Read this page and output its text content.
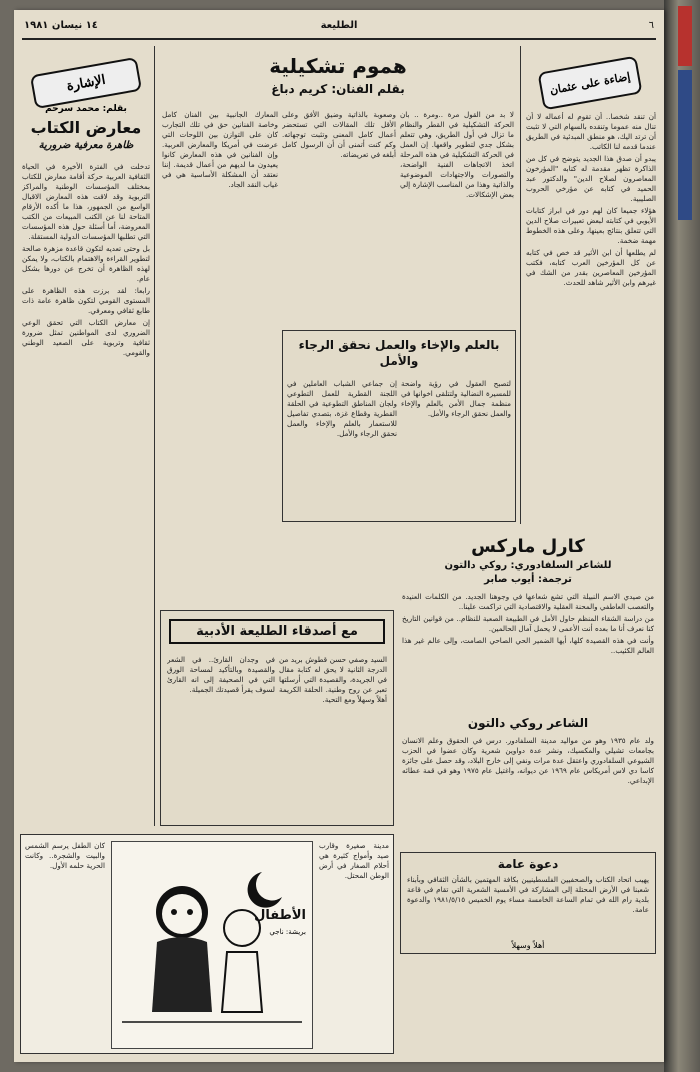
١٤ نيسان ١٩٨١	الطليعة	٦
الإشارة
بقلم: محمد سرحم
معارض الكتاب
ظاهرة معرفية ضرورية

تدخلت في الفترة الأخيرة في الحياة الثقافية العربية حركة أقامة معارض للكتاب بمختلف المؤسسات الوطنية والمراكز التربوية وقد لاقت هذه المعارض الاقبال الواسع من الجمهور، هذا ما أكده الأرقام المتاحة لنا عن الكتب المبيعات من الكتب المعروضة، أما أسئلة حول هذه المؤسسات التي تطلبها المؤسسات الدولية المستقلة.

بل وحتى تعديه لتكون قاعدة مزهرة صالحة لتطوير القراءة والاهتمام بالكتاب، ولا يمكن لهذه الظاهرة أن تخرج عن دورها بشكل عام.

رابعا: لقد برزت هذه الظاهرة على المستوى القومي لتكون ظاهرة عامة ذات طابع ثقافي ومعرفي.

إن معارض الكتاب التي تحقق الوعي الضروري لدى المواطنين تمثل ضرورة ثقافية وتربوية على الصعيد الوطني والقومي.

إضاءة على عثمان

أن تنقد شخصا.. أن تقوم له أعماله لا أن تنال منه عموما وتنقده بالسهام التي لا تثبت أن ترتد اليك، هو منطق المبدئية في الطريق عندما قدمه لنا الكاتب.

يبدو أن صدق هذا الجديد يتوضح في كل من الذاكرة تظهر مقدمة له كتابه "المؤرخون المعاصرون لصلاح الدين" والدكتور عبد الحميد في كتابه عن مؤرخي الحروب الصليبية.

هؤلاء جميعا كان لهم دور في ابراز كتابات الأيوبي في كتابته لبعض تعبيرات صلاح الدين التي تتعلق بنتائج بعينها، وعلى هذه الخطوط مهمة ضخمة.

لم يطلعها أن ابن الأثير قد خص في كتابه عن كل المؤرخين العرب كتابه، فكتب المؤرخين المعاصرين بقدر من الشك في غيرهم وابن الأثير شاهد للحدث.

هموم تشكيلية
بقلم الفنان: كريم دباغ
لا بد من القول مرة ..ومرة .. بان الحركة التشكيلية في القطر والنظام ما تزال في أول الطريق، وهي تتعلم بشكل جدي لتطوير واقعها. إن العمل في الحركة التشكيلية في هذه المرحلة اتخذ الاتجاهات الفنية الواضحة، والتصورات والاجتهادات الموضوعية والذاتية وهذا من المناسب الإشارة إلي بعض الإشكالات.
وصعوبة بالذاتية وضيق الأفق وعلى الأقل تلك المقالات التي تستحضر أعمال كامل المعنى وتثبت توجهاته. وكم كنت أتمنى أن أن الرسول كامل أبلغه في تعريضاته.
المعارك الجانبية بين الفنان كامل وخاصة الفنانين حق في تلك التجارب كان على التوازن بين اللوحات التي عرضت في أمريكا والمعارض العربية. وإن الفنانين في هذه المعارض كانوا يعيدون ما لديهم من أعمال قديمة. إننا نعتقد أن المشكلة الأساسية هي في غياب النقد الجاد.
بالعلم والإخاء والعمل نحقق الرجاء والأمل
لتصبح العقول في رؤية واضحة للمسيرة النضالية ولتتلقى اخوانها في منظمة جمال الأمن بالعلم والإخاء والعمل نحقق الرجاء والأمل.
إن جماعي الشباب العاملين في اللجنة القطرية للعمل التطوعي ولجان المناطق التطوعية في الحلقة القطرية وقطاع غزة، بتصدي تفاصيل للاستعمار بالعلم والإخاء والعمل نحقق الرجاء والأمل.
مع أصدقاء الطليعة الأدبية
السيد وصفي حسن قطوش بريد من الدرجة الثانية لا يحق له كتابة مقال في الجريدة، والقصيدة التي أرسلتها تعبر عن روح وطنية. الحلقة الكريمة أهلاً وسهلاً ومع التحية.
في وجدان القارئ.. في الشعر والقصيدة وبالتأكيد لمساحة الورق التي في الصحيفة إلى انه القارئ لسوف يقرأ قصيدتك الجميلة.
كارل ماركس
للشاعر السلفادوري: روكي دالتون
ترجمة: أيوب صابر

من صيدي الاسم النبيلة التي تشع شعاعها في وجوهنا الجديد. من الكلمات العنيدة والتعصب العاطفي والمحنة العقلية والاقتصادية التي تراكمت علينا..

من دراسة الشقاء المنظم حاول الأمل في الطبيعة الصعبة للنظام.. من قوانين التاريخ كنا نعرف أنا ما بعده أنت الأعمى لا يحمل آمال الحالمين.

وأنت في هذه القصيدة كلها، أيها الضمير الحي الصاحي الصامت، وإلى عالم غير هذا العالم الكئيب..

الشاعر روكي دالتون
ولد عام ١٩٣٥ وهو من مواليد مدينة السلفادور. درس في الحقوق وعلم الانسان بجامعات تشيلي والمكسيك، ونشر عدة دواوين شعرية وكان عضوا في الحزب الشيوعي السلفادوري واعتقل عدة مرات ونفي إلى خارج البلاد، وقد حصل على جائزة كاسا دي لاس أمريكاس عام ١٩٦٩ عن ديوانه، واغتيل عام ١٩٧٥ وهو في قمة عطائه الإبداعي.
دعوة عامة
يهيب اتحاد الكتاب والصحفيين الفلسطينيين بكافة المهتمين بالشأن الثقافي وبأبناء شعبنا في الأرض المحتلة إلى المشاركة في الأمسية الشعرية التي تقام في قاعة بلدية رام الله في تمام الساعة الخامسة مساء يوم الخميس ١٩٨١/٥/١٥ والدعوة عامة.
أهلاً وسهلاً
مدينة صغيرة وقارب صيد وأمواج كثيرة هي أحلام الصغار في أرض الوطن المحتل.
كان الطفل يرسم الشمس والبيت والشجرة.. وكانت الحرية حلمه الأول.
الأطفال
بريشة: ناجي
